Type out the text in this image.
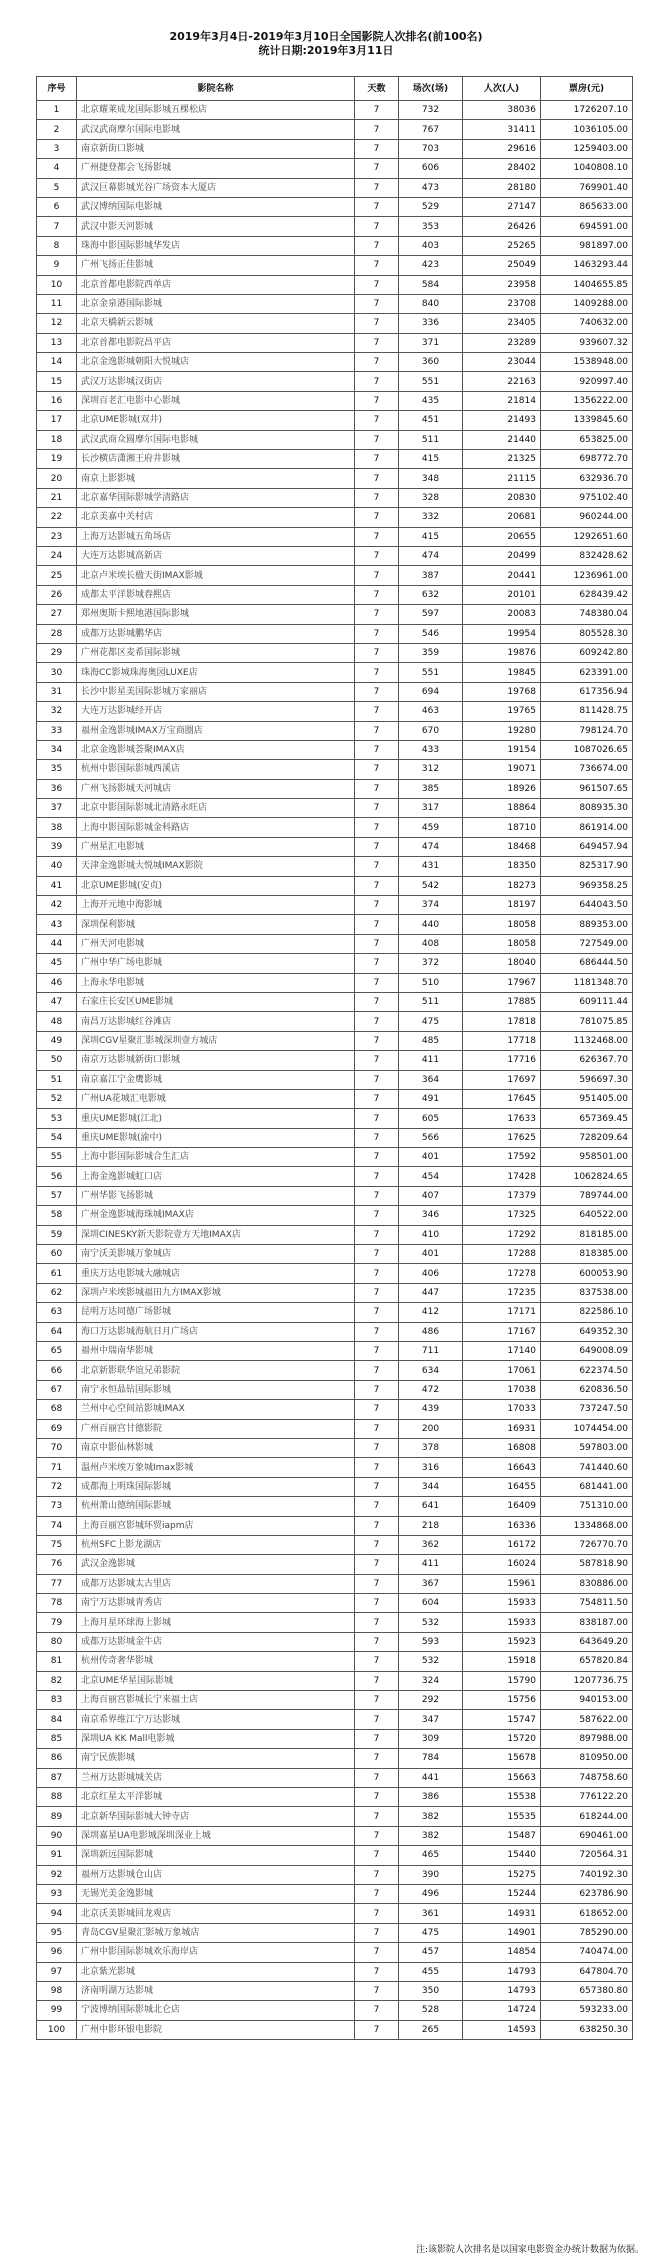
2019年3月4日-2019年3月10日全国影院人次排名(前100名)
统计日期:2019年3月11日
序号	影院名称	天数	场次(场)	人次(人)	票房(元)
1	北京耀莱成龙国际影城五棵松店	7	732	38036	1726207.10
2	武汉武商摩尔国际电影城	7	767	31411	1036105.00
3	南京新街口影城	7	703	29616	1259403.00
4	广州捷登都会飞扬影城	7	606	28402	1040808.10
5	武汉巨幕影城光谷广场资本大厦店	7	473	28180	769901.40
6	武汉博纳国际电影城	7	529	27147	865633.00
7	武汉中影天河影城	7	353	26426	694591.00
8	珠海中影国际影城华发店	7	403	25265	981897.00
9	广州飞扬正佳影城	7	423	25049	1463293.44
10	北京首都电影院西单店	7	584	23958	1404655.85
11	北京金泉港国际影城	7	840	23708	1409288.00
12	北京天橋新云影城	7	336	23405	740632.00
13	北京首都电影院昌平店	7	371	23289	939607.32
14	北京金逸影城朝阳大悦城店	7	360	23044	1538948.00
15	武汉万达影城汉街店	7	551	22163	920997.40
16	深圳百老汇电影中心影城	7	435	21814	1356222.00
17	北京UME影城(双井)	7	451	21493	1339845.60
18	武汉武商众圆摩尔国际电影城	7	511	21440	653825.00
19	长沙横店潇湘王府井影城	7	415	21325	698772.70
20	南京上影影城	7	348	21115	632936.70
21	北京嘉华国际影城学清路店	7	328	20830	975102.40
22	北京美嘉中关村店	7	332	20681	960244.00
23	上海万达影城五角场店	7	415	20655	1292651.60
24	大连万达影城高新店	7	474	20499	832428.62
25	北京卢米埃长楹天街IMAX影城	7	387	20441	1236961.00
26	成都太平洋影城春熙店	7	632	20101	628439.42
27	郑州奥斯卡熙地港国际影城	7	597	20083	748380.04
28	成都万达影城鹏华店	7	546	19954	805528.30
29	广州花都区麦希国际影城	7	359	19876	609242.80
30	珠海CC影城珠海奥园LUXE店	7	551	19845	623391.00
31	长沙中影星美国际影城万家丽店	7	694	19768	617356.94
32	大连万达影城经开店	7	463	19765	811428.75
33	福州金逸影城IMAX万宝商圈店	7	670	19280	798124.70
34	北京金逸影城荟聚IMAX店	7	433	19154	1087026.65
35	杭州中影国际影城西溪店	7	312	19071	736674.00
36	广州飞扬影城天河城店	7	385	18926	961507.65
37	北京中影国际影城北清路永旺店	7	317	18864	808935.30
38	上海中影国际影城金科路店	7	459	18710	861914.00
39	广州星汇电影城	7	474	18468	649457.94
40	天津金逸影城大悦城IMAX影院	7	431	18350	825317.90
41	北京UME影城(安贞)	7	542	18273	969358.25
42	上海开元地中海影城	7	374	18197	644043.50
43	深圳保利影城	7	440	18058	889353.00
44	广州天河电影城	7	408	18058	727549.00
45	广州中华广场电影城	7	372	18040	686444.50
46	上海永华电影城	7	510	17967	1181348.70
47	石家庄长安区UME影城	7	511	17885	609111.44
48	南昌万达影城红谷滩店	7	475	17818	781075.85
49	深圳CGV星聚汇影城深圳壹方城店	7	485	17718	1132468.00
50	南京万达影城新街口影城	7	411	17716	626367.70
51	南京嘉江宁金鹰影城	7	364	17697	596697.30
52	广州UA花城汇电影城	7	491	17645	951405.00
53	重庆UME影城(江北)	7	605	17633	657369.45
54	重庆UME影城(渝中)	7	566	17625	728209.64
55	上海中影国际影城合生汇店	7	401	17592	958501.00
56	上海金逸影城虹口店	7	454	17428	1062824.65
57	广州华影飞扬影城	7	407	17379	789744.00
58	广州金逸影城海珠城IMAX店	7	346	17325	640522.00
59	深圳CINESKY新天影院壹方天地IMAX店	7	410	17292	818185.00
60	南宁沃美影城万象城店	7	401	17288	818385.00
61	重庆万达电影城大融城店	7	406	17278	600053.90
62	深圳卢米埃影城福田九方IMAX影城	7	447	17235	837538.00
63	昆明万达同德广场影城	7	412	17171	822586.10
64	海口万达影城海航日月广场店	7	486	17167	649352.30
65	福州中瑞南华影城	7	711	17140	649008.09
66	北京新影联华谊兄弟影院	7	634	17061	622374.50
67	南宁永恒晶钻国际影城	7	472	17038	620836.50
68	兰州中心空间站影城IMAX	7	439	17033	737247.50
69	广州百丽宫甘德影院	7	200	16931	1074454.00
70	南京中影仙林影城	7	378	16808	597803.00
71	温州卢米埃万象城Imax影城	7	316	16643	741440.60
72	成都海上明珠国际影城	7	344	16455	681441.00
73	杭州萧山德纳国际影城	7	641	16409	751310.00
74	上海百丽宫影城环贸iapm店	7	218	16336	1334868.00
75	杭州SFC上影龙湖店	7	362	16172	726770.70
76	武汉金逸影城	7	411	16024	587818.90
77	成都万达影城太古里店	7	367	15961	830886.00
78	南宁万达影城青秀店	7	604	15933	754811.50
79	上海月星环球海上影城	7	532	15933	838187.00
80	成都万达影城金牛店	7	593	15923	643649.20
81	杭州传奇奢华影城	7	532	15918	657820.84
82	北京UME华星国际影城	7	324	15790	1207736.75
83	上海百丽宫影城长宁来福士店	7	292	15756	940153.00
84	南京希界维江宁万达影城	7	347	15747	587622.00
85	深圳UA KK Mall电影城	7	309	15720	897988.00
86	南宁民族影城	7	784	15678	810950.00
87	兰州万达影城城关店	7	441	15663	748758.60
88	北京红星太平洋影城	7	386	15538	776122.20
89	北京新华国际影城大钟寺店	7	382	15535	618244.00
90	深圳嘉星UA电影城深圳深业上城	7	382	15487	690461.00
91	深圳新远国际影城	7	465	15440	720564.31
92	福州万达影城仓山店	7	390	15275	740192.30
93	无锡光美金逸影城	7	496	15244	623786.90
94	北京沃美影城回龙观店	7	361	14931	618652.00
95	青岛CGV星聚汇影城万象城店	7	475	14901	785290.00
96	广州中影国际影城欢乐海岸店	7	457	14854	740474.00
97	北京紫光影城	7	455	14793	647804.70
98	济南明湖万达影城	7	350	14793	657380.80
99	宁波博纳国际影城北仑店	7	528	14724	593233.00
100	广州中影环银电影院	7	265	14593	638250.30
注:该影院人次排名是以国家电影资金办统计数据为依据。
